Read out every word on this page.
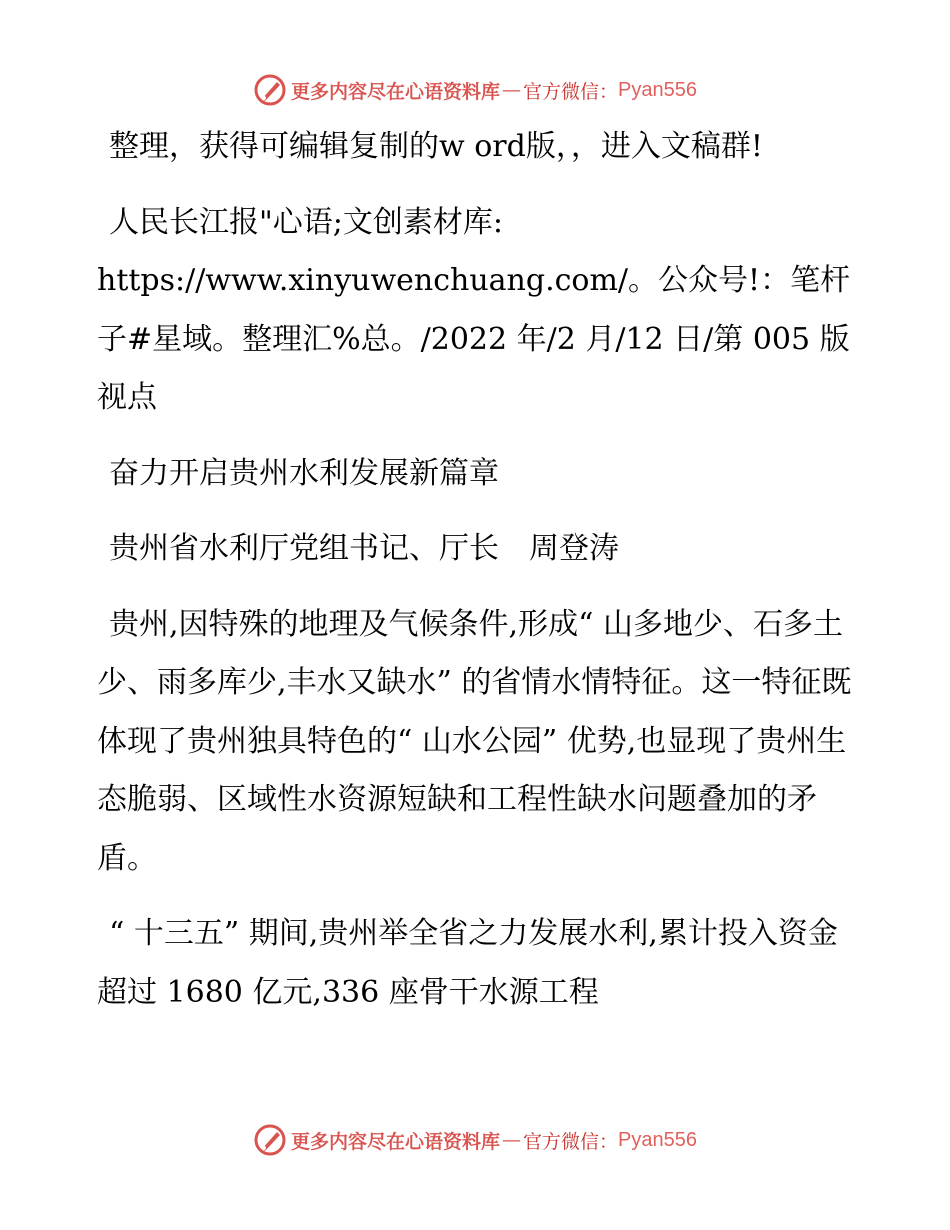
更多内容尽在心语资料库 — 官方微信： Pyan556

整理，获得可编辑复制的w ord版，，进入文稿群!

人民长江报"心语;文创素材库: https://www.xinyuwenchuang.com/。公众号!：笔杆子#星域。整理汇%总。/2022 年/2 月/12 日/第 005 版视点

奋力开启贵州水利发展新篇章

贵州省水利厅党组书记、厅长　周登涛

贵州,因特殊的地理及气候条件,形成“ 山多地少、石多土少、雨多库少,丰水又缺水” 的省情水情特征。这一特征既体现了贵州独具特色的“ 山水公园” 优势,也显现了贵州生态脆弱、区域性水资源短缺和工程性缺水问题叠加的矛盾。

“ 十三五” 期间,贵州举全省之力发展水利,累计投入资金超过 1680 亿元,336 座骨干水源工程

更多内容尽在心语资料库 — 官方微信： Pyan556
